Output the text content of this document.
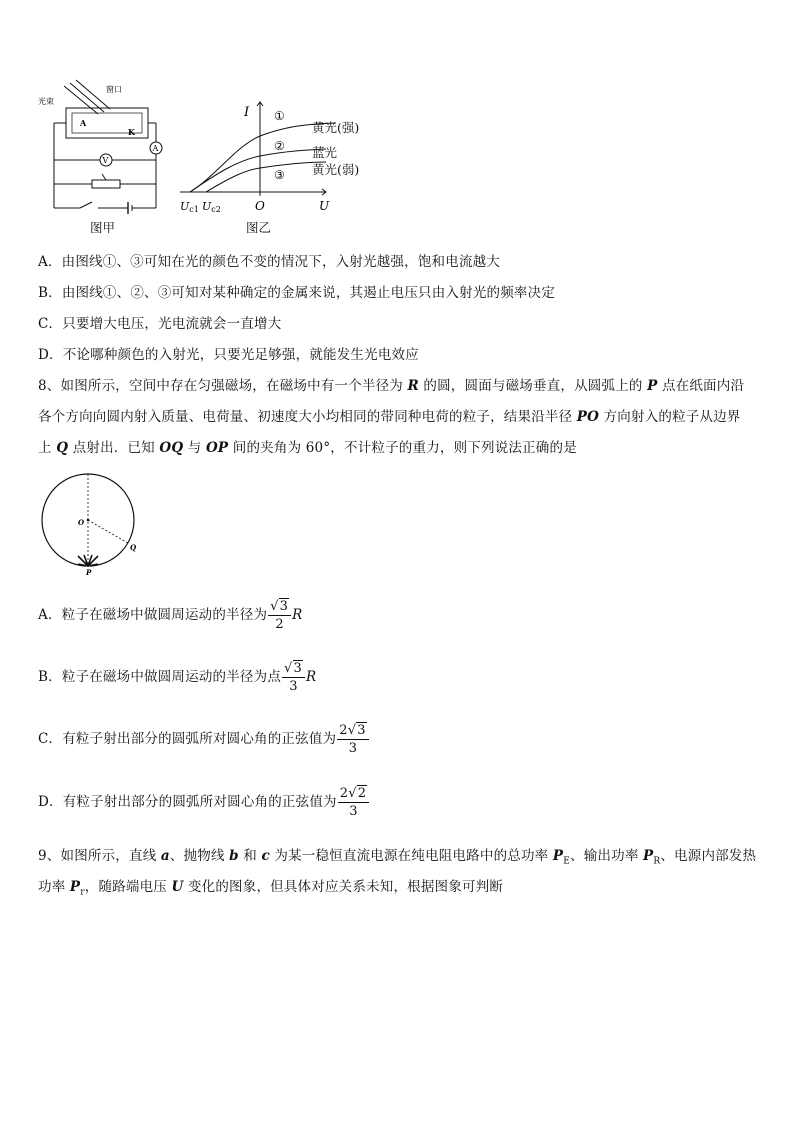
光束
窗口
A
K
V
A
图甲
I ①
②
③
O	U
Uc1 Uc2
黄光(强)
蓝光
黄光(弱)
图乙
A．由图线①、③可知在光的颜色不变的情况下，入射光越强，饱和电流越大
B．由图线①、②、③可知对某种确定的金属来说，其遏止电压只由入射光的频率决定
C．只要增大电压，光电流就会一直增大
D．不论哪种颜色的入射光，只要光足够强，就能发生光电效应
8、如图所示，空间中存在匀强磁场，在磁场中有一个半径为 R 的圆，圆面与磁场垂直，从圆弧上的 P 点在纸面内沿
各个方向向圆内射入质量、电荷量、初速度大小均相同的带同种电荷的粒子，结果沿半径 PO 方向射入的粒子从边界
上 Q 点射出．已知 OQ 与 OP 间的夹角为 60°，不计粒子的重力，则下列说法正确的是
O
Q
P
A．粒子在磁场中做圆周运动的半径为 $\frac{√3}{2}$ R
B．粒子在磁场中做圆周运动的半径为点 $\frac{√3}{3}$ R
C．有粒子射出部分的圆弧所对圆心角的正弦值为 $\frac{2√3}{3}$
D．有粒子射出部分的圆弧所对圆心角的正弦值为 $\frac{2√2}{3}$
9、如图所示，直线 a、抛物线 b 和 c 为某一稳恒直流电源在纯电阻电路中的总功率 $P_E$、输出功率 $P_R$、电源内部发热
功率 $P_r$，随路端电压 U 变化的图象，但具体对应关系未知，根据图象可判断
